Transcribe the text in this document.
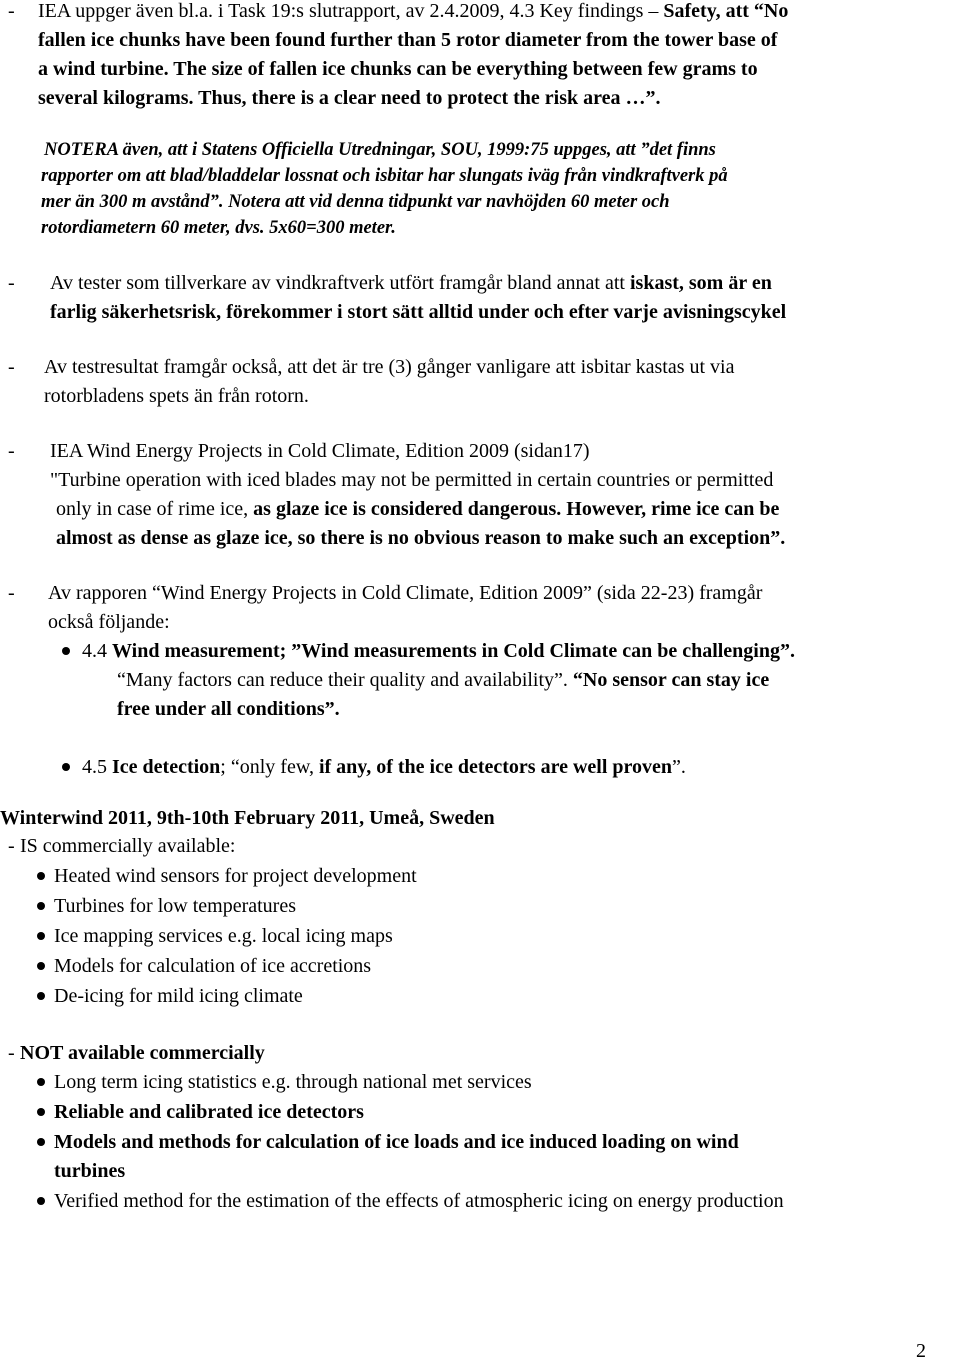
- IEA uppger även bl.a. i Task 19:s slutrapport, av 2.4.2009, 4.3 Key findings – Safety, att “No

fallen ice chunks have been found further than 5 rotor diameter from the tower base of

a wind turbine. The size of fallen ice chunks can be everything between few grams to

several kilograms. Thus, there is a clear need to protect the risk area …”.

NOTERA även, att i Statens Officiella Utredningar, SOU, 1999:75 uppges, att ”det finns

rapporter om att blad/bladdelar lossnat och isbitar har slungats iväg från vindkraftverk på

mer än 300 m avstånd”. Notera att vid denna tidpunkt var navhöjden 60 meter och

rotordiametern 60 meter, dvs. 5x60=300 meter.

- Av tester som tillverkare av vindkraftverk utfört framgår bland annat att iskast, som är en

farlig säkerhetsrisk, förekommer i stort sätt alltid under och efter varje avisningscykel

- Av testresultat framgår också, att det är tre (3) gånger vanligare att isbitar kastas ut via

rotorbladens spets än från rotorn.

- IEA Wind Energy Projects in Cold Climate, Edition 2009 (sidan17)

"Turbine operation with iced blades may not be permitted in certain countries or permitted

only in case of rime ice, as glaze ice is considered dangerous. However, rime ice can be

almost as dense as glaze ice, so there is no obvious reason to make such an exception”.

- Av rapporen “Wind Energy Projects in Cold Climate, Edition 2009” (sida 22-23) framgår

också följande:

4.4 Wind measurement; ”Wind measurements in Cold Climate can be challenging”.

“Many factors can reduce their quality and availability”. “No sensor can stay ice

free under all conditions”.

4.5 Ice detection; “only few, if any, of the ice detectors are well proven”.

Winterwind 2011, 9th-10th February 2011, Umeå, Sweden

- IS commercially available:

Heated wind sensors for project development

Turbines for low temperatures

Ice mapping services e.g. local icing maps

Models for calculation of ice accretions

De-icing for mild icing climate

- NOT available commercially

Long term icing statistics e.g. through national met services

Reliable and calibrated ice detectors

Models and methods for calculation of ice loads and ice induced loading on wind

turbines

Verified method for the estimation of the effects of atmospheric icing on energy production

2
